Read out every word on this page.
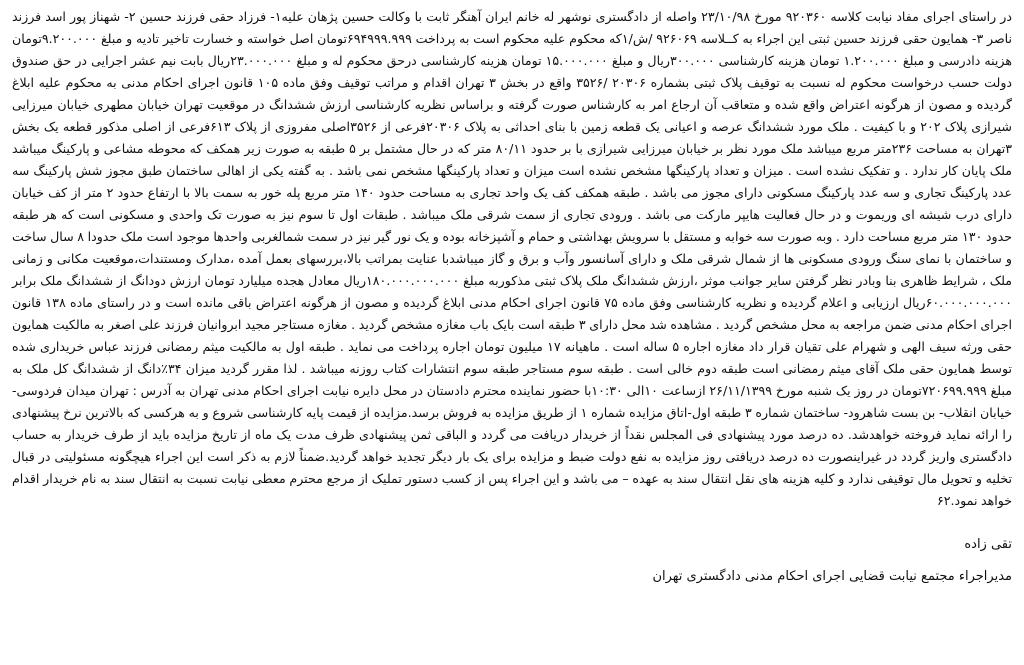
در راستای اجرای مفاد نیابت کلاسه ۹۲۰۳۶۰ مورخ ۲۳/۱۰/۹۸ واصله از دادگستری نوشهر له خانم ایران آهنگر ثابت با وکالت حسین پژهان علیه۱- فرزاد حقی فرزند حسین ۲- شهناز پور اسد فرزند ناصر ۳- همایون حقی فرزند حسین ثبتی این اجراء به کــلاسه ۹۲۶۰۶۹ /ش/۱که محکوم علیه محکوم است به پرداخت ۶۹۴۹۹۹.۹۹۹تومان اصل خواسته و خسارت تاخیر تادیه و مبلغ ۹.۲۰۰.۰۰۰تومان هزینه دادرسی و مبلغ ۱.۲۰۰.۰۰۰ تومان هزینه کارشناسی ۳۰۰.۰۰۰ریال و مبلغ ۱۵.۰۰۰.۰۰۰ تومان هزینه کارشناسی درحق محکوم له و مبلغ ۲۳.۰۰۰.۰۰۰ریال بابت نیم عشر اجرایی در حق صندوق دولت حسب درخواست محکوم له نسبت به توقیف پلاک ثبتی بشماره ۲۰۳۰۶ /۳۵۲۶ واقع در بخش ۳ تهران اقدام و مراتب توقیف وفق ماده ۱۰۵ قانون اجرای احکام مدنی به محکوم علیه ابلاغ گردیده و مصون از هرگونه اعتراض واقع شده و متعاقب آن ارجاع امر به کارشناس صورت گرفته و براساس نظریه کارشناسی ارزش ششدانگ در موقعیت تهران خیابان مطهری خیابان میرزایی شیرازی پلاک ۲۰۲ و با کیفیت . ملک مورد ششدانگ عرصه و اعیانی یک قطعه زمین با بنای احداثی به پلاک ۲۰۳۰۶فرعی از ۳۵۲۶اصلی مفروزی از پلاک ۶۱۳فرعی از اصلی مذکور قطعه یک بخش ۳تهران به مساحت ۲۳۶متر مربع میباشد ملک مورد نظر بر خیابان میرزایی شیرازی با بر حدود ۸۰/۱۱ متر که در حال مشتمل بر ۵ طبقه به صورت زیر همکف که محوطه مشاعی و پارکینگ میباشد ملک پایان کار ندارد . و تفکیک نشده است . میزان و تعداد پارکینگها مشخص نشده است میزان و تعداد پارکینگها مشخص نمی باشد . به گفته یکی از اهالی ساختمان طبق مجوز شش پارکینگ سه عدد پارکینگ تجاری و سه عدد پارکینگ مسکونی دارای مجوز می باشد . طبقه همکف کف یک واحد تجاری به مساحت حدود ۱۴۰ متر مربع پله خور به سمت بالا با ارتفاع حدود ۲ متر از کف خیابان دارای درب شیشه ای وریموت و در حال فعالیت هایپر مارکت می باشد . ورودی تجاری از سمت شرقی ملک میباشد . طبقات اول تا سوم نیز به صورت تک واحدی و مسکونی است که هر طبقه حدود ۱۳۰ متر مربع مساحت دارد . وبه صورت سه خوابه و مستقل با سرویش بهداشتی و حمام و آشپزخانه بوده و یک نور گیر نیز در سمت شمالغربی واحدها موجود است ملک حدودا ۸ سال ساخت و ساختمان با نمای سنگ ورودی مسکونی ها از شمال شرقی ملک و دارای آسانسور وآب و برق و گاز میباشدبا عنایت بمراتب بالا،بررسهای بعمل آمده ،مدارک ومستندات،موقعیت مکانی و زمانی ملک ، شرایط ظاهری بنا وبادر نظر گرفتن سایر جوانب موثر ،ارزش ششدانگ ملک پلاک ثبتی مذکوربه مبلغ ۱۸۰.۰۰۰.۰۰۰.۰۰۰ریال معادل هجده میلیارد تومان ارزش دودانگ از ششدانگ ملک برابر ۶۰.۰۰۰.۰۰۰.۰۰۰ریال ارزیابی و اعلام گردیده و نظریه کارشناسی وفق ماده ۷۵ قانون اجرای احکام مدنی ابلاغ گردیده و مصون از هرگونه اعتراض باقی مانده است و در راستای ماده ۱۳۸ قانون اجرای احکام مدنی ضمن مراجعه به محل مشخص گردید . مشاهده شد محل دارای ۳ طبقه است بایک باب مغازه مشخص گردید . مغازه مستاجر مجید ابروانیان فرزند علی اصغر به مالکیت همایون حقی ورثه سیف الهی و شهرام علی تقیان قرار داد مغازه اجاره ۵ ساله است . ماهیانه ۱۷ میلیون تومان اجاره پرداخت می نماید . طبقه اول به مالکیت میثم رمضانی فرزند عباس خریداری شده توسط همایون حقی ملک آقای میثم رمضانی است طبقه دوم خالی است . طبقه سوم مستاجر طبقه سوم انتشارات کتاب روزنه میباشد . لذا مقرر گردید میزان ۳۴٪دانگ از ششدانگ کل ملک به مبلغ ۷۲۰۶۹۹.۹۹۹تومان در روز یک شنبه مورخ ۲۶/۱۱/۱۳۹۹ ازساعت ۱۰الی ۱۰:۳۰با حضور نماینده محترم دادستان در محل دایره نیابت اجرای احکام مدنی تهران به آدرس : تهران میدان فردوسی- خیابان انقلاب- بن بست شاهرود- ساختمان شماره ۳ طبقه اول-اتاق مزایده شماره ۱ از طریق مزایده به فروش برسد.مزایده از قیمت پایه کارشناسی شروع و به هرکسی که بالاترین نرخ پیشنهادی را ارائه نماید فروخته خواهدشد. ده درصد مورد پیشنهادی فی المجلس نقداً از خریدار دریافت می گردد و الباقی ثمن پیشنهادی ظرف مدت یک ماه از تاریخ مزایده باید از طرف خریدار به حساب دادگستری واریز گردد در غیراینصورت ده درصد دریافتی روز مزایده به نفع دولت ضبط و مزایده برای یک بار دیگر تجدید خواهد گردید.ضمناً لازم به ذکر است این اجراء هیچگونه مسئولیتی در قبال تخلیه و تحویل مال توقیفی ندارد و کلیه هزینه های نقل انتقال سند به عهده – می باشد و این اجراء پس از کسب دستور تملیک از مرجع محترم معطی نیابت نسبت به انتقال سند به نام خریدار اقدام خواهد نمود.۶۲

تقی زاده

مدیراجراء مجتمع نیابت قضایی اجرای احکام مدنی دادگستری تهران
